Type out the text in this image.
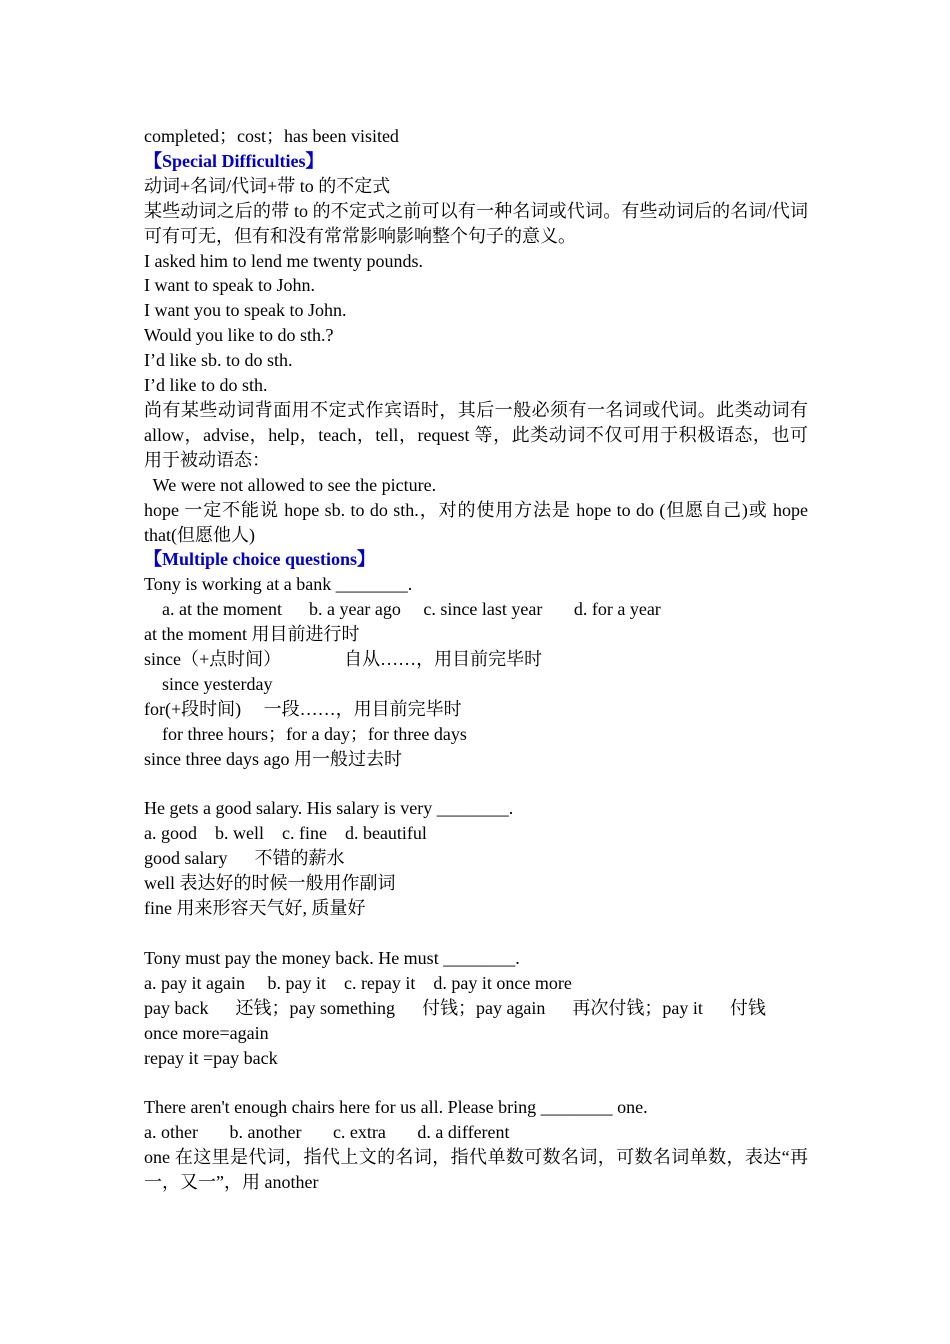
completed；cost；has been visited

【Special Difficulties】

动词+名词/代词+带 to 的不定式

某些动词之后的带 to 的不定式之前可以有一种名词或代词。有些动词后的名词/代词可有可无，但有和没有常常影响影响整个句子的意义。

I asked him to lend me twenty pounds.

I want to speak to John.

I want you to speak to John.

Would you like to do sth.?

I’d like sb. to do sth.

I’d like to do sth.

尚有某些动词背面用不定式作宾语时，其后一般必须有一名词或代词。此类动词有 allow，advise，help，teach，tell，request 等，此类动词不仅可用于积极语态，也可用于被动语态：

We were not allowed to see the picture.

hope 一定不能说 hope sb. to do sth.，对的使用方法是 hope to do (但愿自己)或 hope that(但愿他人)

【Multiple choice questions】

Tony is working at a bank ________.

a. at the moment      b. a year ago     c. since last year       d. for a year

at the moment 用目前进行时

since（+点时间）              自从……，用目前完毕时

since yesterday

for(+段时间)     一段……，用目前完毕时

for three hours；for a day；for three days

since three days ago 用一般过去时

He gets a good salary. His salary is very ________.

a. good    b. well    c. fine    d. beautiful

good salary      不错的薪水

well 表达好的时候一般用作副词

fine 用来形容天气好, 质量好

Tony must pay the money back. He must ________.

a. pay it again     b. pay it    c. repay it    d. pay it once more

pay back      还钱；pay something      付钱；pay again      再次付钱；pay it      付钱

once more=again

repay it =pay back

There aren't enough chairs here for us all. Please bring ________ one.

a. other       b. another       c. extra       d. a different

one 在这里是代词，指代上文的名词，指代单数可数名词，可数名词单数，表达“再一，又一”，用 another
